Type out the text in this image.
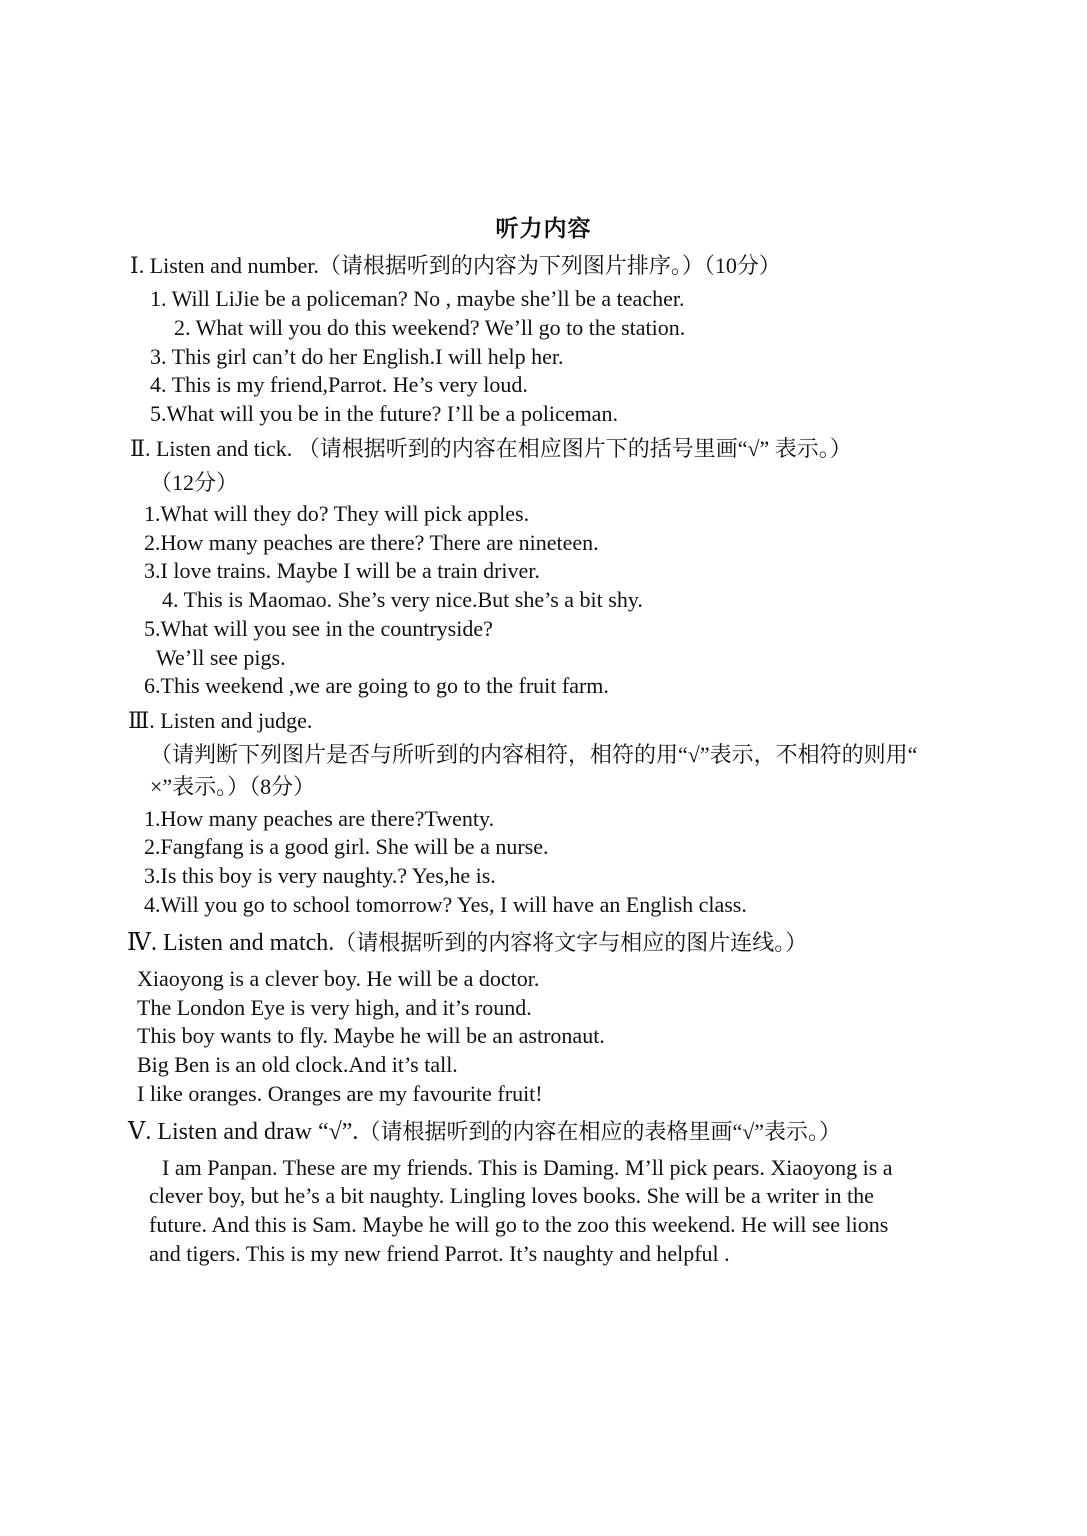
听力内容
Ⅰ. Listen and number.（请根据听到的内容为下列图片排序。）（10分）
1. Will LiJie be a policeman? No , maybe she’ll be a teacher.
2. What will you do this weekend? We’ll go to the station.
3. This girl can’t do her English.I will help her.
4. This is my friend,Parrot. He’s very loud.
5.What will you be in the future? I’ll be a policeman.
Ⅱ. Listen and tick. （请根据听到的内容在相应图片下的括号里画“√” 表示。）
（12分）
1.What will they do? They will pick apples.
2.How many peaches are there? There are nineteen.
3.I love trains. Maybe I will be a train driver.
4. This is Maomao. She’s very nice.But she’s a bit shy.
5.What will you see in the countryside?
We’ll see pigs.
6.This weekend ,we are going to go to the fruit farm.
Ⅲ. Listen and judge.
（请判断下列图片是否与所听到的内容相符，相符的用“√”表示，不相符的则用“
×”表示。）（8分）
1.How many peaches are there?Twenty.
2.Fangfang is a good girl. She will be a nurse.
3.Is this boy is very naughty.? Yes,he is.
4.Will you go to school tomorrow? Yes, I will have an English class.
Ⅳ. Listen and match.（请根据听到的内容将文字与相应的图片连线。）
Xiaoyong is a clever boy. He will be a doctor.
The London Eye is very high, and it’s round.
This boy wants to fly. Maybe he will be an astronaut.
Big Ben is an old clock.And it’s tall.
I like oranges. Oranges are my favourite fruit!
Ⅴ. Listen and draw “√”.（请根据听到的内容在相应的表格里画“√”表示。）
I am Panpan. These are my friends. This is Daming. M’ll pick pears. Xiaoyong is a
clever boy, but he’s a bit naughty. Lingling loves books. She will be a writer in the
future. And this is Sam. Maybe he will go to the zoo this weekend. He will see lions
and tigers. This is my new friend Parrot. It’s naughty and helpful .
